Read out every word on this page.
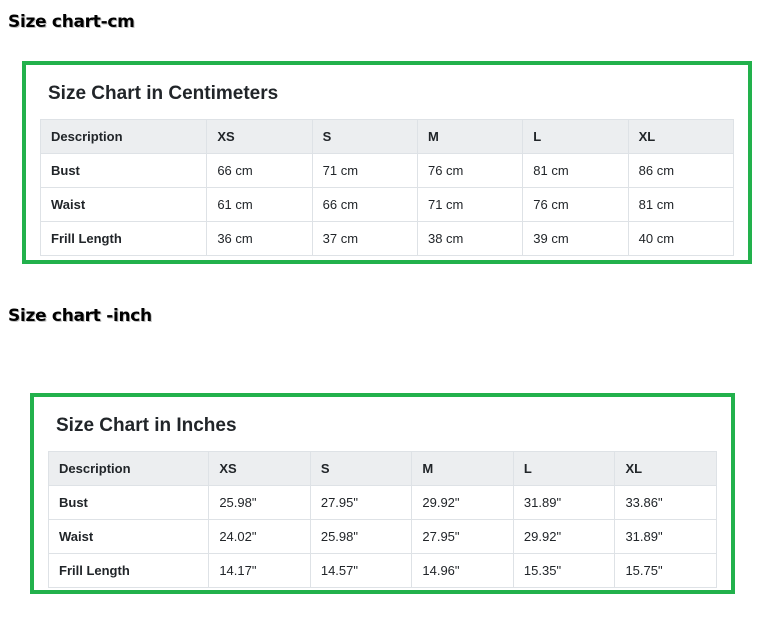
Size chart-cm
Size Chart in Centimeters
Description	XS	S	M	L	XL
Bust	66 cm	71 cm	76 cm	81 cm	86 cm
Waist	61 cm	66 cm	71 cm	76 cm	81 cm
Frill Length	36 cm	37 cm	38 cm	39 cm	40 cm
Size chart -inch
Size Chart in Inches
Description	XS	S	M	L	XL
Bust	25.98"	27.95"	29.92"	31.89"	33.86"
Waist	24.02"	25.98"	27.95"	29.92"	31.89"
Frill Length	14.17"	14.57"	14.96"	15.35"	15.75"
